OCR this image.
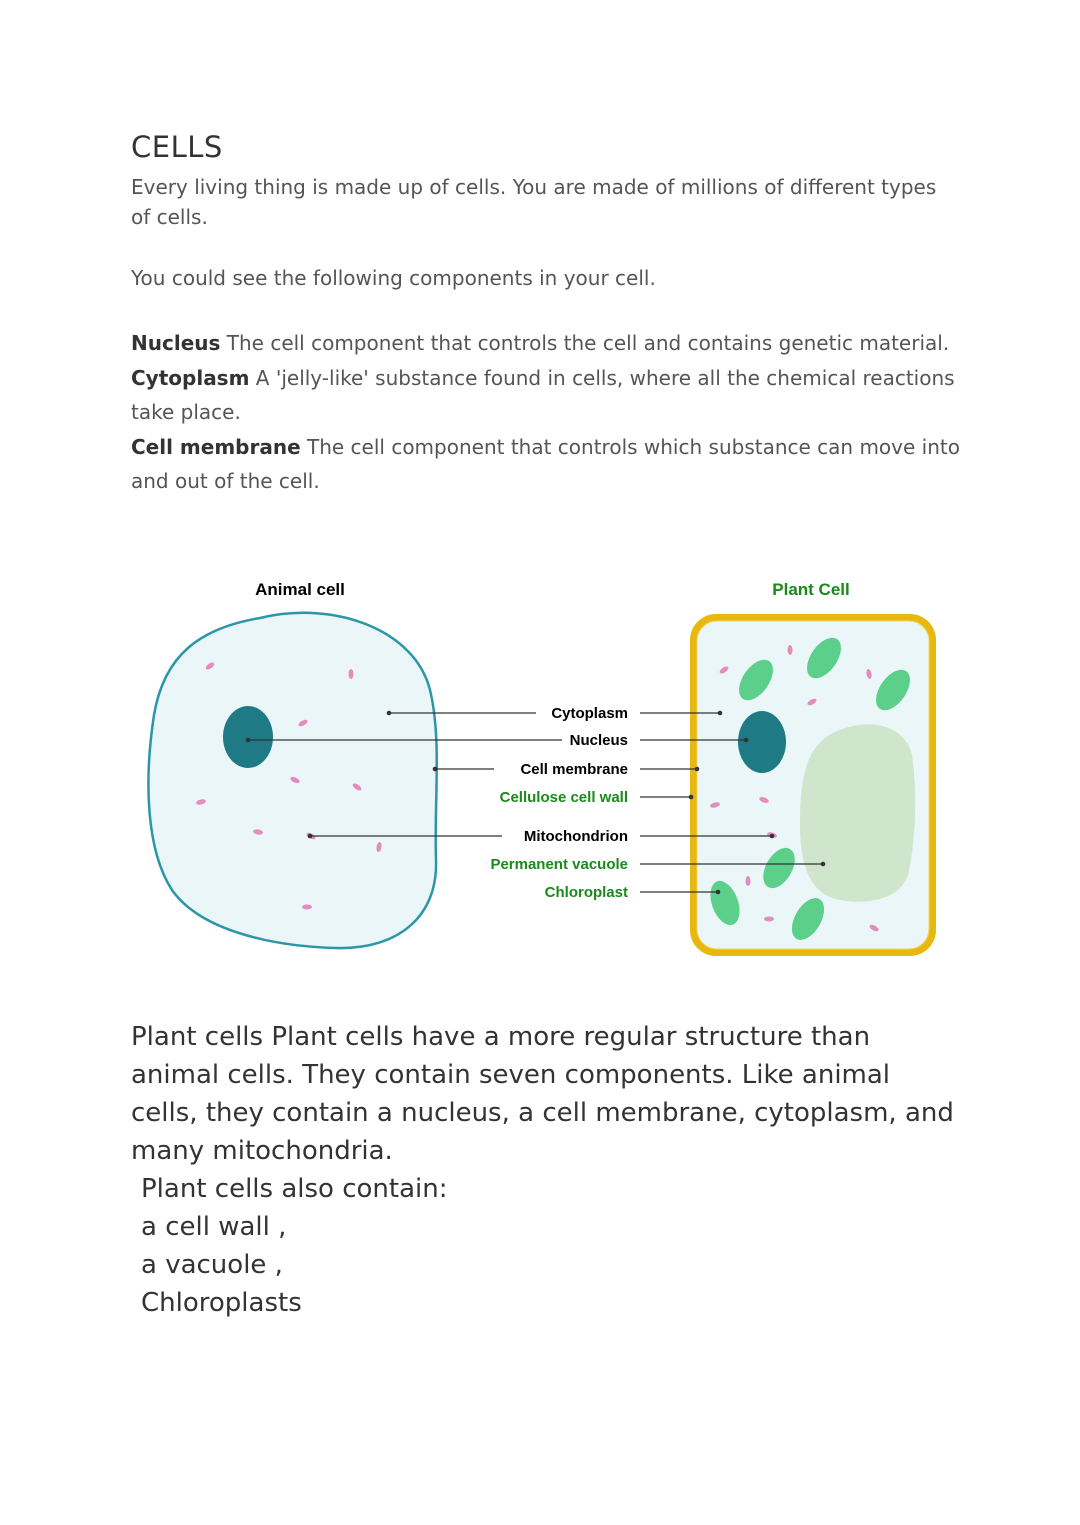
CELLS

Every living thing is made up of cells. You are made of millions of different types of cells.

You could see the following components in your cell.

Nucleus The cell component that controls the cell and contains genetic material.
Cytoplasm A 'jelly-like' substance found in cells, where all the chemical reactions take place.
Cell membrane The cell component that controls which substance can move into and out of the cell.
Animal cell	Plant Cell
Cytoplasm
Nucleus
Cell membrane
Cellulose cell wall
Mitochondrion
Permanent vacuole
Chloroplast

Plant cells Plant cells have a more regular structure than animal cells. They contain seven components. Like animal cells, they contain a nucleus, a cell membrane, cytoplasm, and many mitochondria.

Plant cells also contain:
a cell wall ,
a vacuole ,
Chloroplasts
